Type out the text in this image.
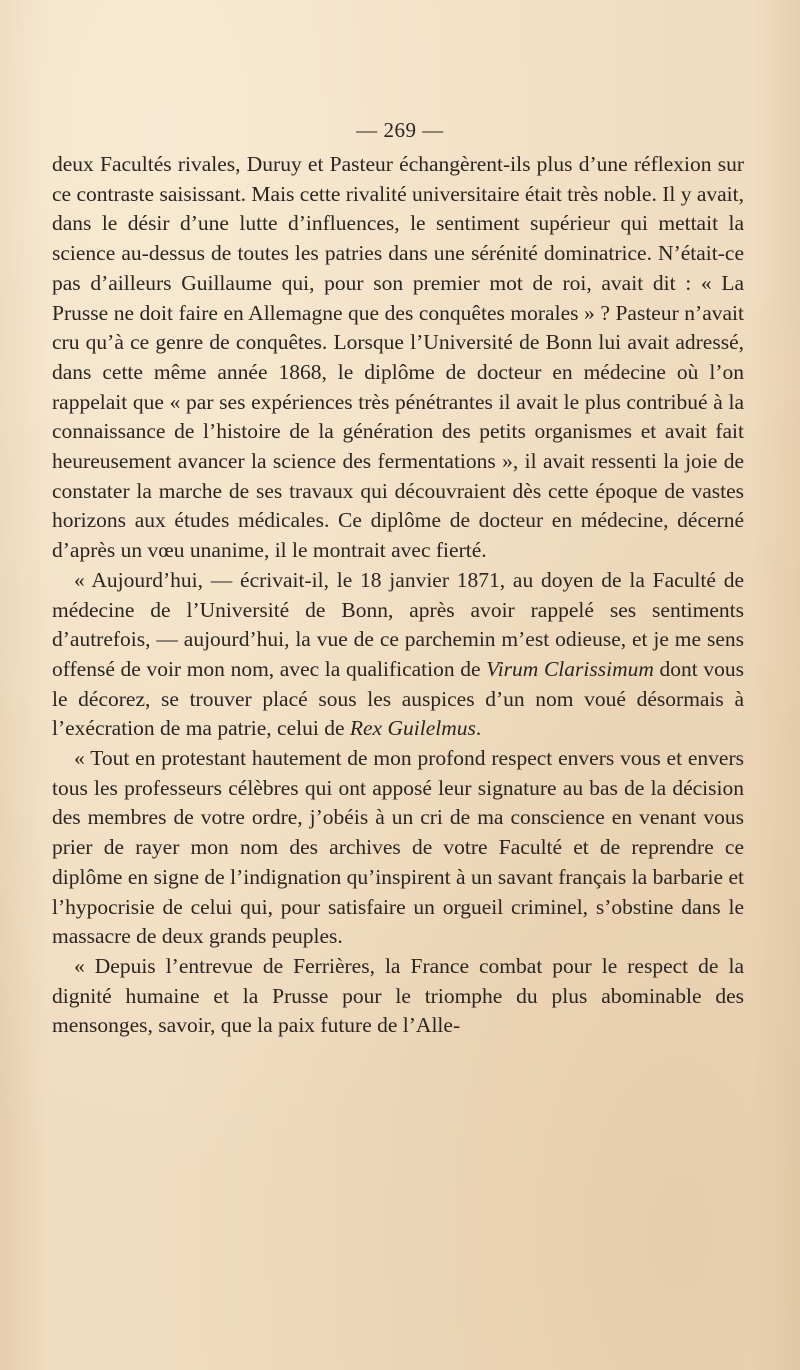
— 269 —

deux Facultés rivales, Duruy et Pasteur échangèrent-ils plus d’une réflexion sur ce contraste saisissant. Mais cette rivalité universitaire était très noble. Il y avait, dans le désir d’une lutte d’influences, le sentiment supérieur qui mettait la science au-dessus de toutes les patries dans une sérénité dominatrice. N’était-ce pas d’ailleurs Guillaume qui, pour son premier mot de roi, avait dit : « La Prusse ne doit faire en Allemagne que des conquêtes morales » ? Pasteur n’avait cru qu’à ce genre de conquêtes. Lorsque l’Université de Bonn lui avait adressé, dans cette même année 1868, le diplôme de docteur en médecine où l’on rappelait que « par ses expériences très pénétrantes il avait le plus contribué à la connaissance de l’histoire de la génération des petits organismes et avait fait heureusement avancer la science des fermentations », il avait ressenti la joie de constater la marche de ses travaux qui découvraient dès cette époque de vastes horizons aux études médicales. Ce diplôme de docteur en médecine, décerné d’après un vœu unanime, il le montrait avec fierté.

« Aujourd’hui, — écrivait-il, le 18 janvier 1871, au doyen de la Faculté de médecine de l’Université de Bonn, après avoir rappelé ses sentiments d’autrefois, — aujourd’hui, la vue de ce parchemin m’est odieuse, et je me sens offensé de voir mon nom, avec la qualification de Virum Clarissimum dont vous le décorez, se trouver placé sous les auspices d’un nom voué désormais à l’exécration de ma patrie, celui de Rex Guilelmus.

« Tout en protestant hautement de mon profond respect envers vous et envers tous les professeurs célèbres qui ont apposé leur signature au bas de la décision des membres de votre ordre, j’obéis à un cri de ma conscience en venant vous prier de rayer mon nom des archives de votre Faculté et de reprendre ce diplôme en signe de l’indignation qu’inspirent à un savant français la barbarie et l’hypocrisie de celui qui, pour satisfaire un orgueil criminel, s’obstine dans le massacre de deux grands peuples.

« Depuis l’entrevue de Ferrières, la France combat pour le respect de la dignité humaine et la Prusse pour le triomphe du plus abominable des mensonges, savoir, que la paix future de l’Alle-
